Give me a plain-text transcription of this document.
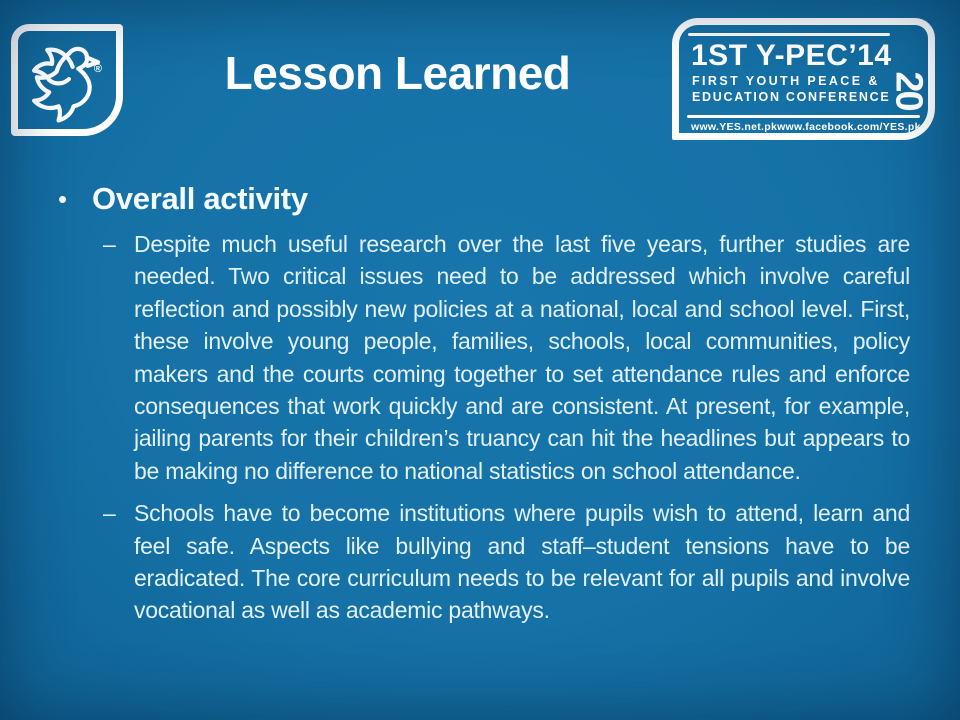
®	Lesson Learned	1ST Y-PEC’14
FIRST YOUTH PEACE &
EDUCATION CONFERENCE
20
www.YES.net.pk www.facebook.com/YES.pk
• Overall activity
– Despite much useful research over the last five years, further studies are needed. Two critical issues need to be addressed which involve careful reflection and possibly new policies at a national, local and school level. First, these involve young people, families, schools, local communities, policy makers and the courts coming together to set attendance rules and enforce consequences that work quickly and are consistent. At present, for example, jailing parents for their children’s truancy can hit the headlines but appears to be making no difference to national statistics on school attendance.

– Schools have to become institutions where pupils wish to attend, learn and feel safe. Aspects like bullying and staff–student tensions have to be eradicated. The core curriculum needs to be relevant for all pupils and involve vocational as well as academic pathways.
